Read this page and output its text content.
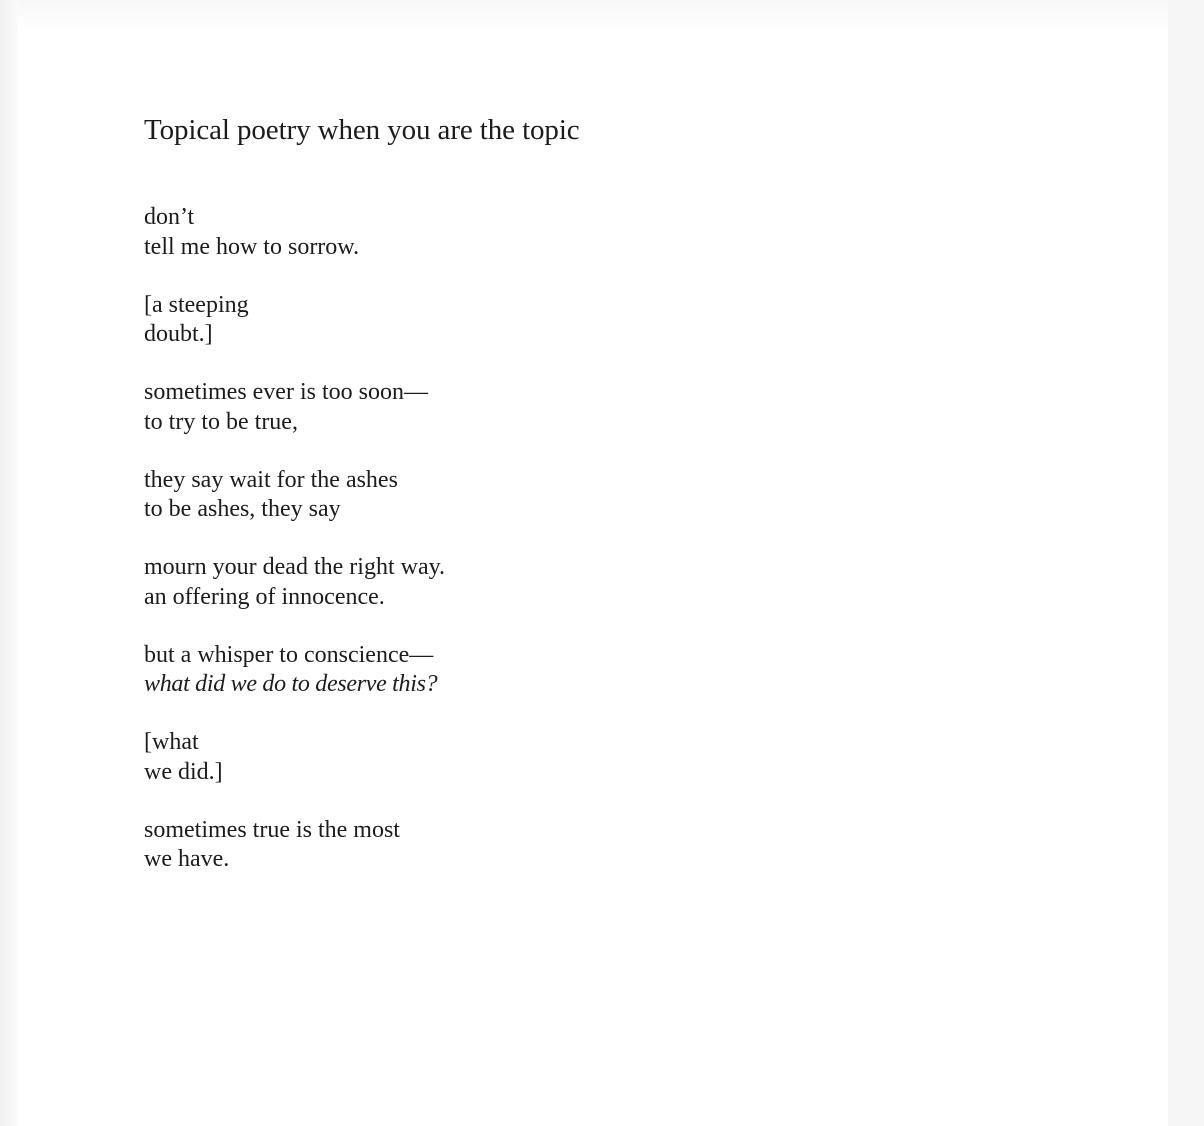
Topical poetry when you are the topic
don’t
tell me how to sorrow.
[a steeping
doubt.]
sometimes ever is too soon—
to try to be true,
they say wait for the ashes
to be ashes, they say
mourn your dead the right way.
an offering of innocence.
but a whisper to conscience—
what did we do to deserve this?
[what
we did.]
sometimes true is the most
we have.
